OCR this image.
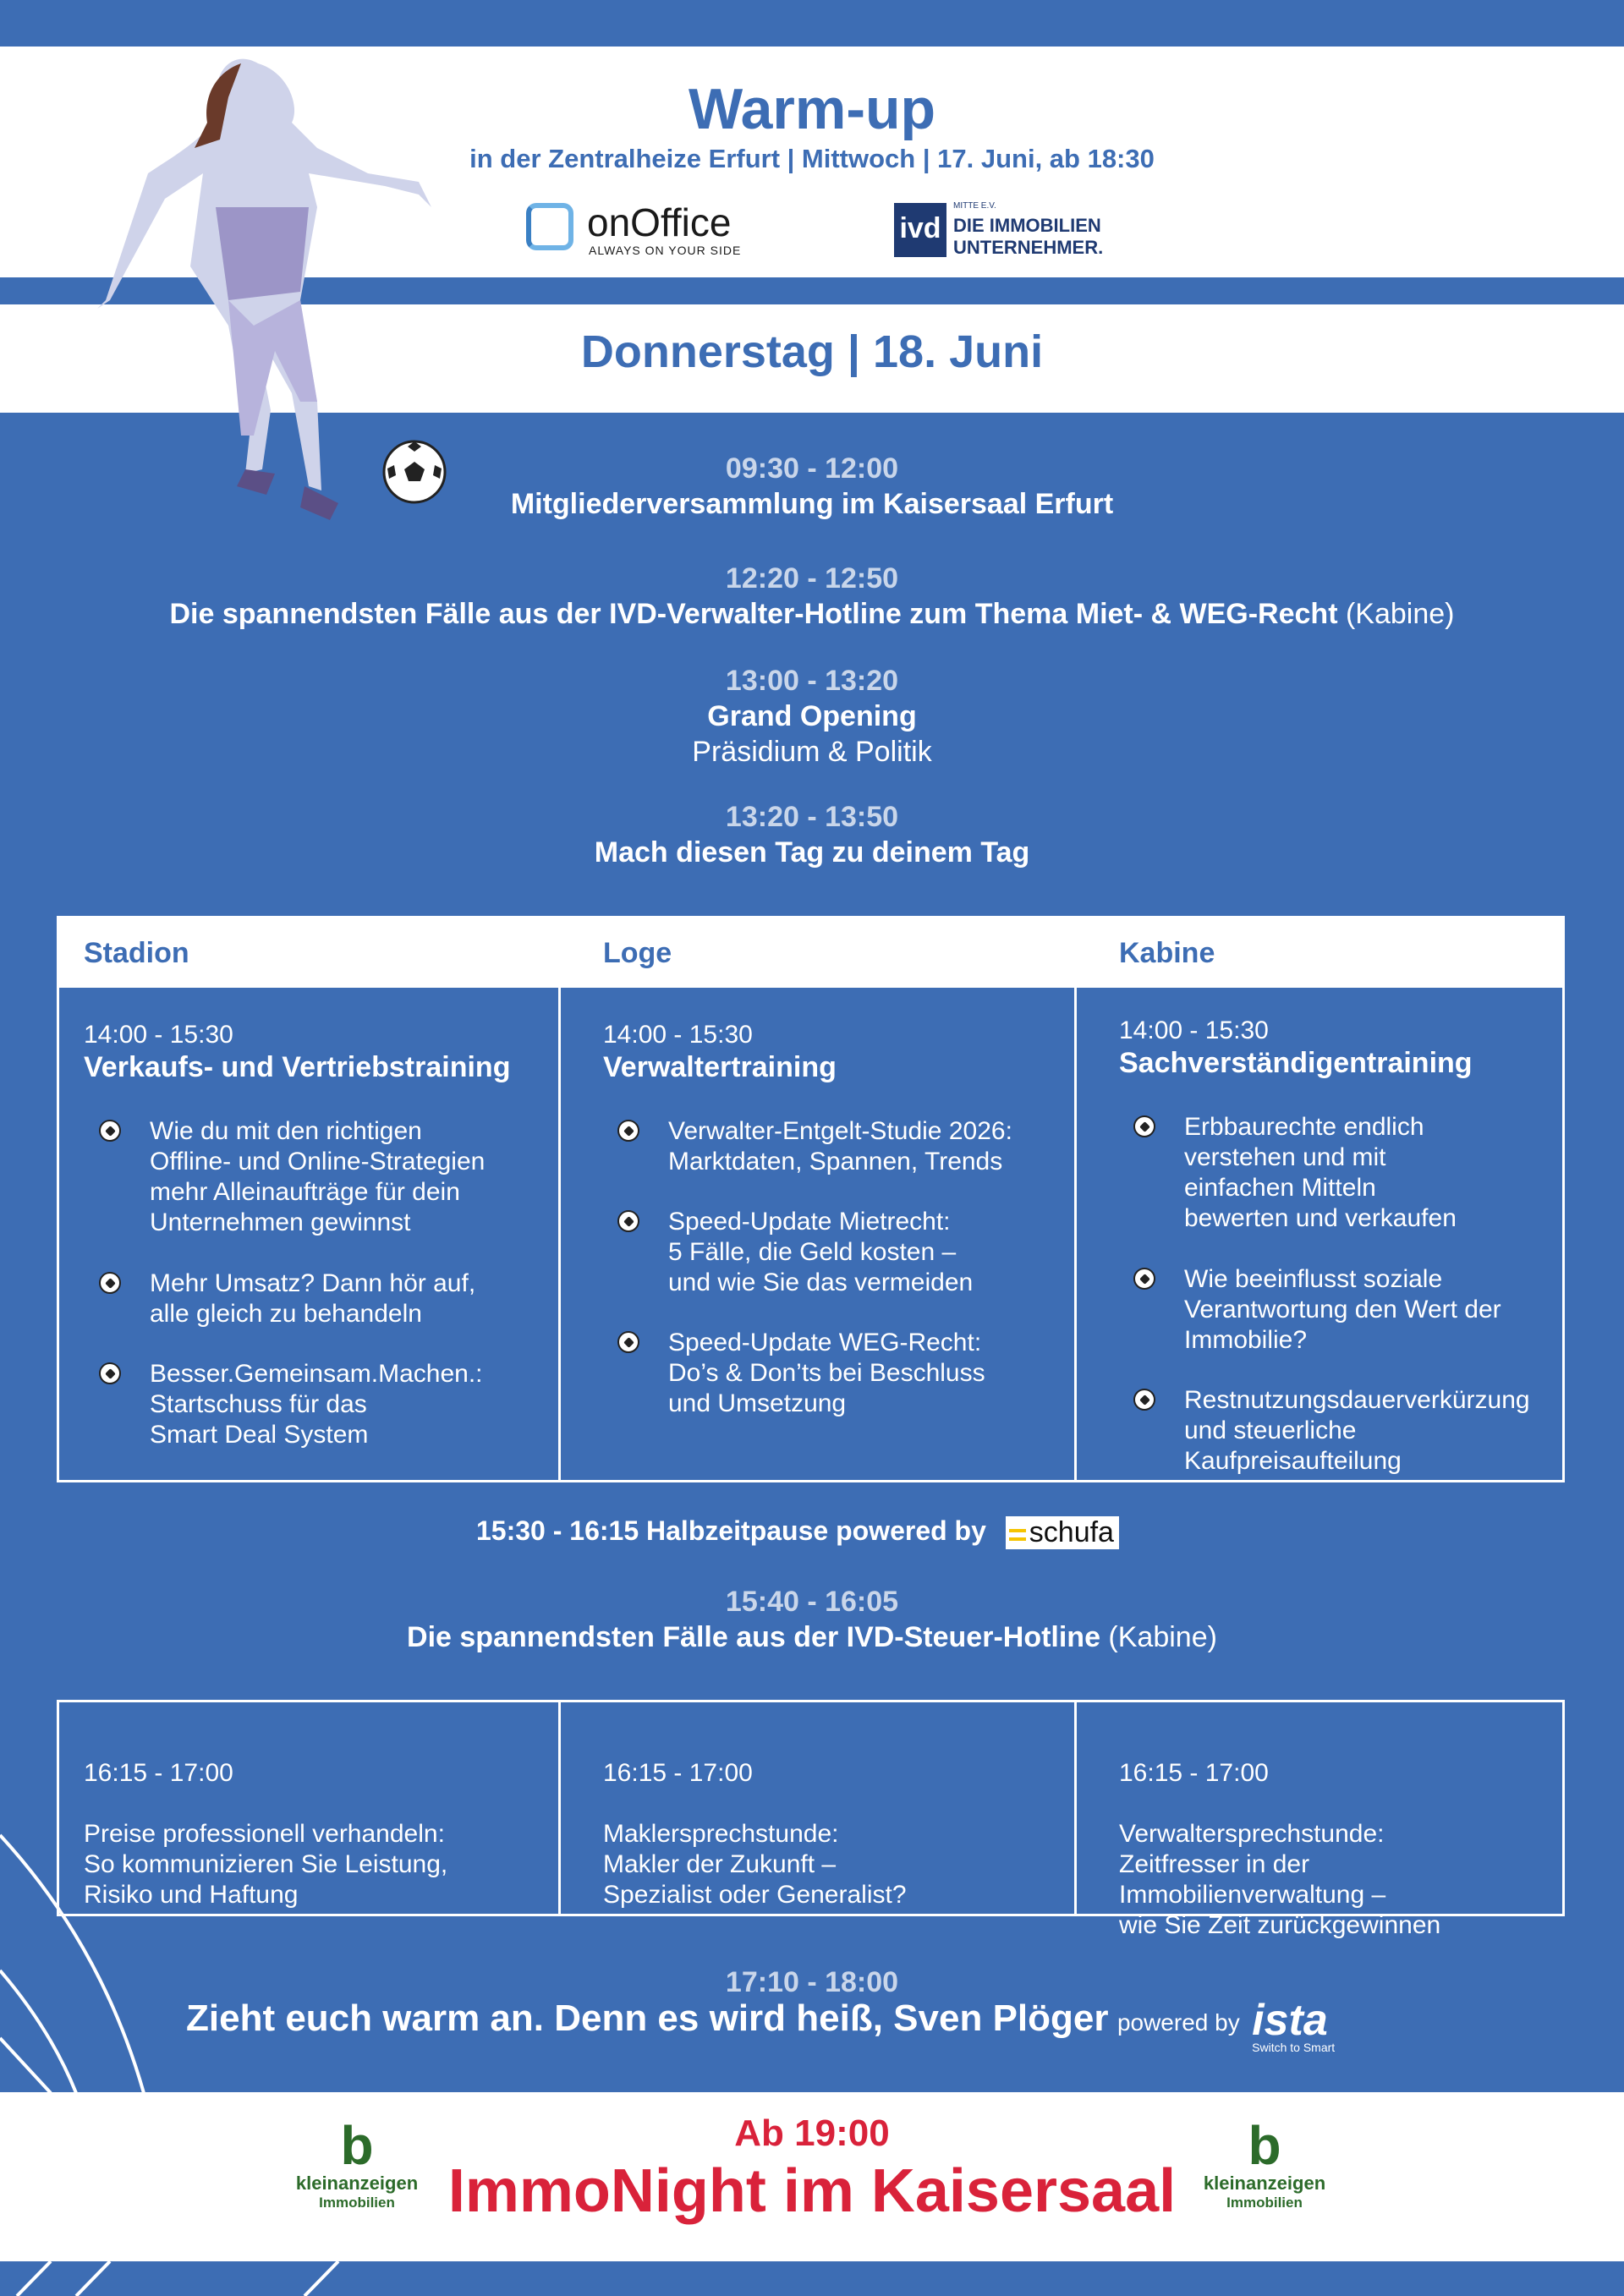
Warm-up
in der Zentralheize Erfurt | Mittwoch | 17. Juni, ab 18:30
onOffice
ALWAYS ON YOUR SIDE
ivd
MITTE E.V.
DIE IMMOBILIEN
UNTERNEHMER.
Donnerstag | 18. Juni
09:30 - 12:00
Mitgliederversammlung im Kaisersaal Erfurt
12:20 - 12:50
Die spannendsten Fälle aus der IVD-Verwalter-Hotline zum Thema Miet- & WEG-Recht (Kabine)
13:00 - 13:20
Grand Opening
Präsidium & Politik
13:20 - 13:50
Mach diesen Tag zu deinem Tag
Stadion
14:00 - 15:30
Verkaufs- und Vertriebstraining
Wie du mit den richtigen
Offline- und Online-Strategien
mehr Alleinaufträge für dein
Unternehmen gewinnst
Mehr Umsatz? Dann hör auf,
alle gleich zu behandeln
Besser.Gemeinsam.Machen.:
Startschuss für das
Smart Deal System
Loge
14:00 - 15:30
Verwaltertraining
Verwalter-Entgelt-Studie 2026:
Marktdaten, Spannen, Trends
Speed-Update Mietrecht:
5 Fälle, die Geld kosten –
und wie Sie das vermeiden
Speed-Update WEG-Recht:
Do’s & Don’ts bei Beschluss
und Umsetzung
Kabine
14:00 - 15:30
Sachverständigentraining
Erbbaurechte endlich
verstehen und mit
einfachen Mitteln
bewerten und verkaufen
Wie beeinflusst soziale
Verantwortung den Wert der
Immobilie?
Restnutzungsdauerverkürzung
und steuerliche
Kaufpreisaufteilung
15:30 - 16:15 Halbzeitpause powered by schufa
15:40 - 16:05
Die spannendsten Fälle aus der IVD-Steuer-Hotline (Kabine)

16:15 - 17:00

Preise professionell verhandeln:
So kommunizieren Sie Leistung,
Risiko und Haftung

16:15 - 17:00

Maklersprechstunde:
Makler der Zukunft –
Spezialist oder Generalist?

16:15 - 17:00

Verwaltersprechstunde:
Zeitfresser in der
Immobilienverwaltung –
wie Sie Zeit zurückgewinnen

17:10 - 18:00
Zieht euch warm an. Denn es wird heiß, Sven Plöger powered by ista
Switch to Smart
Ab 19:00
ImmoNight im Kaisersaal
b
kleinanzeigen
Immobilien
b
kleinanzeigen
Immobilien
